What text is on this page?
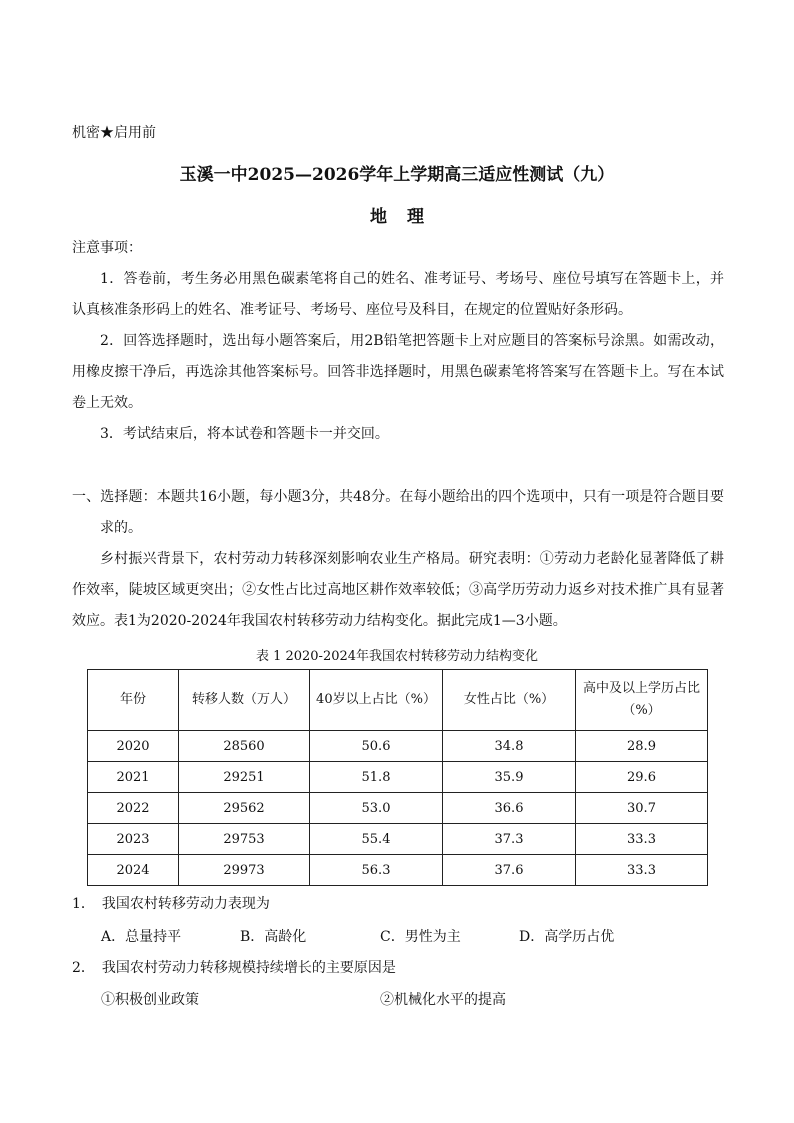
机密★启用前
玉溪一中2025—2026学年上学期高三适应性测试（九）
地理
注意事项：
1．答卷前，考生务必用黑色碳素笔将自己的姓名、准考证号、考场号、座位号填写在答题卡上，并认真核准条形码上的姓名、准考证号、考场号、座位号及科目，在规定的位置贴好条形码。
2．回答选择题时，选出每小题答案后，用2B铅笔把答题卡上对应题目的答案标号涂黑。如需改动，用橡皮擦干净后，再选涂其他答案标号。回答非选择题时，用黑色碳素笔将答案写在答题卡上。写在本试卷上无效。
3．考试结束后，将本试卷和答题卡一并交回。
一、选择题：本题共16小题，每小题3分，共48分。在每小题给出的四个选项中，只有一项是符合题目要求的。
乡村振兴背景下，农村劳动力转移深刻影响农业生产格局。研究表明：①劳动力老龄化显著降低了耕作效率，陡坡区域更突出；②女性占比过高地区耕作效率较低；③高学历劳动力返乡对技术推广具有显著效应。表1为2020-2024年我国农村转移劳动力结构变化。据此完成1—3小题。
表 1 2020-2024年我国农村转移劳动力结构变化
年份	转移人数（万人）	40岁以上占比（%）	女性占比（%）	高中及以上学历占比（%）
2020	28560	50.6	34.8	28.9
2021	29251	51.8	35.9	29.6
2022	29562	53.0	36.6	30.7
2023	29753	55.4	37.3	33.3
2024	29973	56.3	37.6	33.3
1．　我国农村转移劳动力表现为
A．总量持平	B．高龄化	C．男性为主	D．高学历占优
2．　我国农村劳动力转移规模持续增长的主要原因是
①积极创业政策	②机械化水平的提高
